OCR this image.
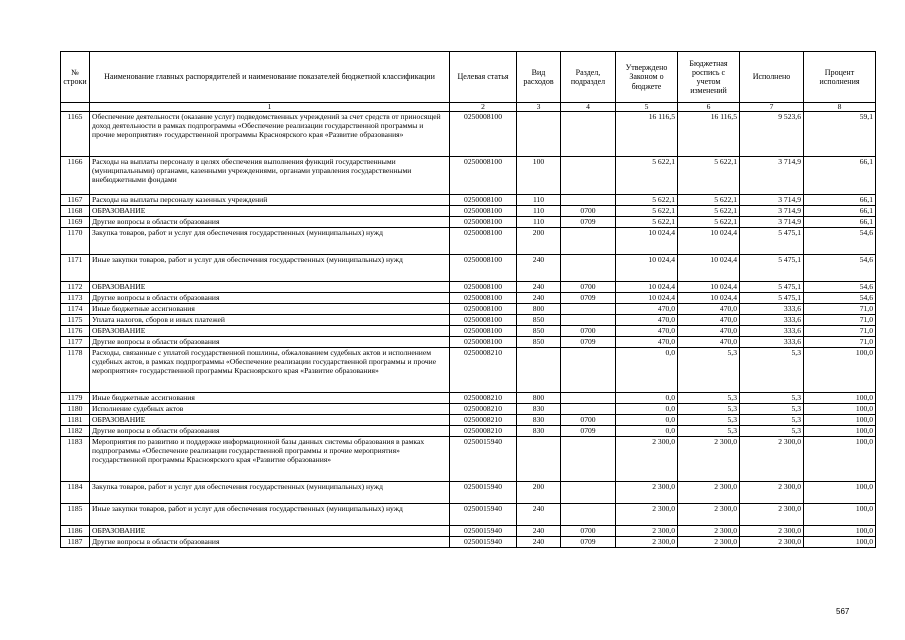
№ строки	Наименование главных распорядителей и наименование показателей бюджетной классификации	Целевая статья	Вид расходов	Раздел, подраздел	Утверждено Законом о бюджете	Бюджетная роспись с учетом изменений	Исполнено	Процент исполнения
	1	2	3	4	5	6	7	8
1165	Обеспечение деятельности (оказание услуг) подведомственных учреждений за счет средств от приносящей доход деятельности в рамках подпрограммы «Обеспечение реализации государственной программы и прочие мероприятия» государственной программы Красноярского края «Развитие образования»	0250008100			16 116,5	16 116,5	9 523,6	59,1
1166	Расходы на выплаты персоналу в целях обеспечения выполнения функций государственными (муниципальными) органами, казенными учреждениями, органами управления государственными внебюджетными фондами	0250008100	100		5 622,1	5 622,1	3 714,9	66,1
1167	Расходы на выплаты персоналу казенных учреждений	0250008100	110		5 622,1	5 622,1	3 714,9	66,1
1168	ОБРАЗОВАНИЕ	0250008100	110	0700	5 622,1	5 622,1	3 714,9	66,1
1169	Другие вопросы в области образования	0250008100	110	0709	5 622,1	5 622,1	3 714,9	66,1
1170	Закупка товаров, работ и услуг для обеспечения государственных (муниципальных) нужд	0250008100	200		10 024,4	10 024,4	5 475,1	54,6
1171	Иные закупки товаров, работ и услуг для обеспечения государственных (муниципальных) нужд	0250008100	240		10 024,4	10 024,4	5 475,1	54,6
1172	ОБРАЗОВАНИЕ	0250008100	240	0700	10 024,4	10 024,4	5 475,1	54,6
1173	Другие вопросы в области образования	0250008100	240	0709	10 024,4	10 024,4	5 475,1	54,6
1174	Иные бюджетные ассигнования	0250008100	800		470,0	470,0	333,6	71,0
1175	Уплата налогов, сборов и иных платежей	0250008100	850		470,0	470,0	333,6	71,0
1176	ОБРАЗОВАНИЕ	0250008100	850	0700	470,0	470,0	333,6	71,0
1177	Другие вопросы в области образования	0250008100	850	0709	470,0	470,0	333,6	71,0
1178	Расходы, связанные с уплатой государственной пошлины, обжалованием судебных актов и исполнением судебных актов, в рамках подпрограммы «Обеспечение реализации государственной программы и прочие мероприятия» государственной программы Красноярского края «Развитие образования»	0250008210			0,0	5,3	5,3	100,0
1179	Иные бюджетные ассигнования	0250008210	800		0,0	5,3	5,3	100,0
1180	Исполнение судебных актов	0250008210	830		0,0	5,3	5,3	100,0
1181	ОБРАЗОВАНИЕ	0250008210	830	0700	0,0	5,3	5,3	100,0
1182	Другие вопросы в области образования	0250008210	830	0709	0,0	5,3	5,3	100,0
1183	Мероприятия по развитию и поддержке информационной базы данных системы образования в рамках подпрограммы «Обеспечение реализации государственной программы и прочие мероприятия» государственной программы Красноярского края «Развитие образования»	0250015940			2 300,0	2 300,0	2 300,0	100,0
1184	Закупка товаров, работ и услуг для обеспечения государственных (муниципальных) нужд	0250015940	200		2 300,0	2 300,0	2 300,0	100,0
1185	Иные закупки товаров, работ и услуг для обеспечения государственных (муниципальных) нужд	0250015940	240		2 300,0	2 300,0	2 300,0	100,0
1186	ОБРАЗОВАНИЕ	0250015940	240	0700	2 300,0	2 300,0	2 300,0	100,0
1187	Другие вопросы в области образования	0250015940	240	0709	2 300,0	2 300,0	2 300,0	100,0
567
